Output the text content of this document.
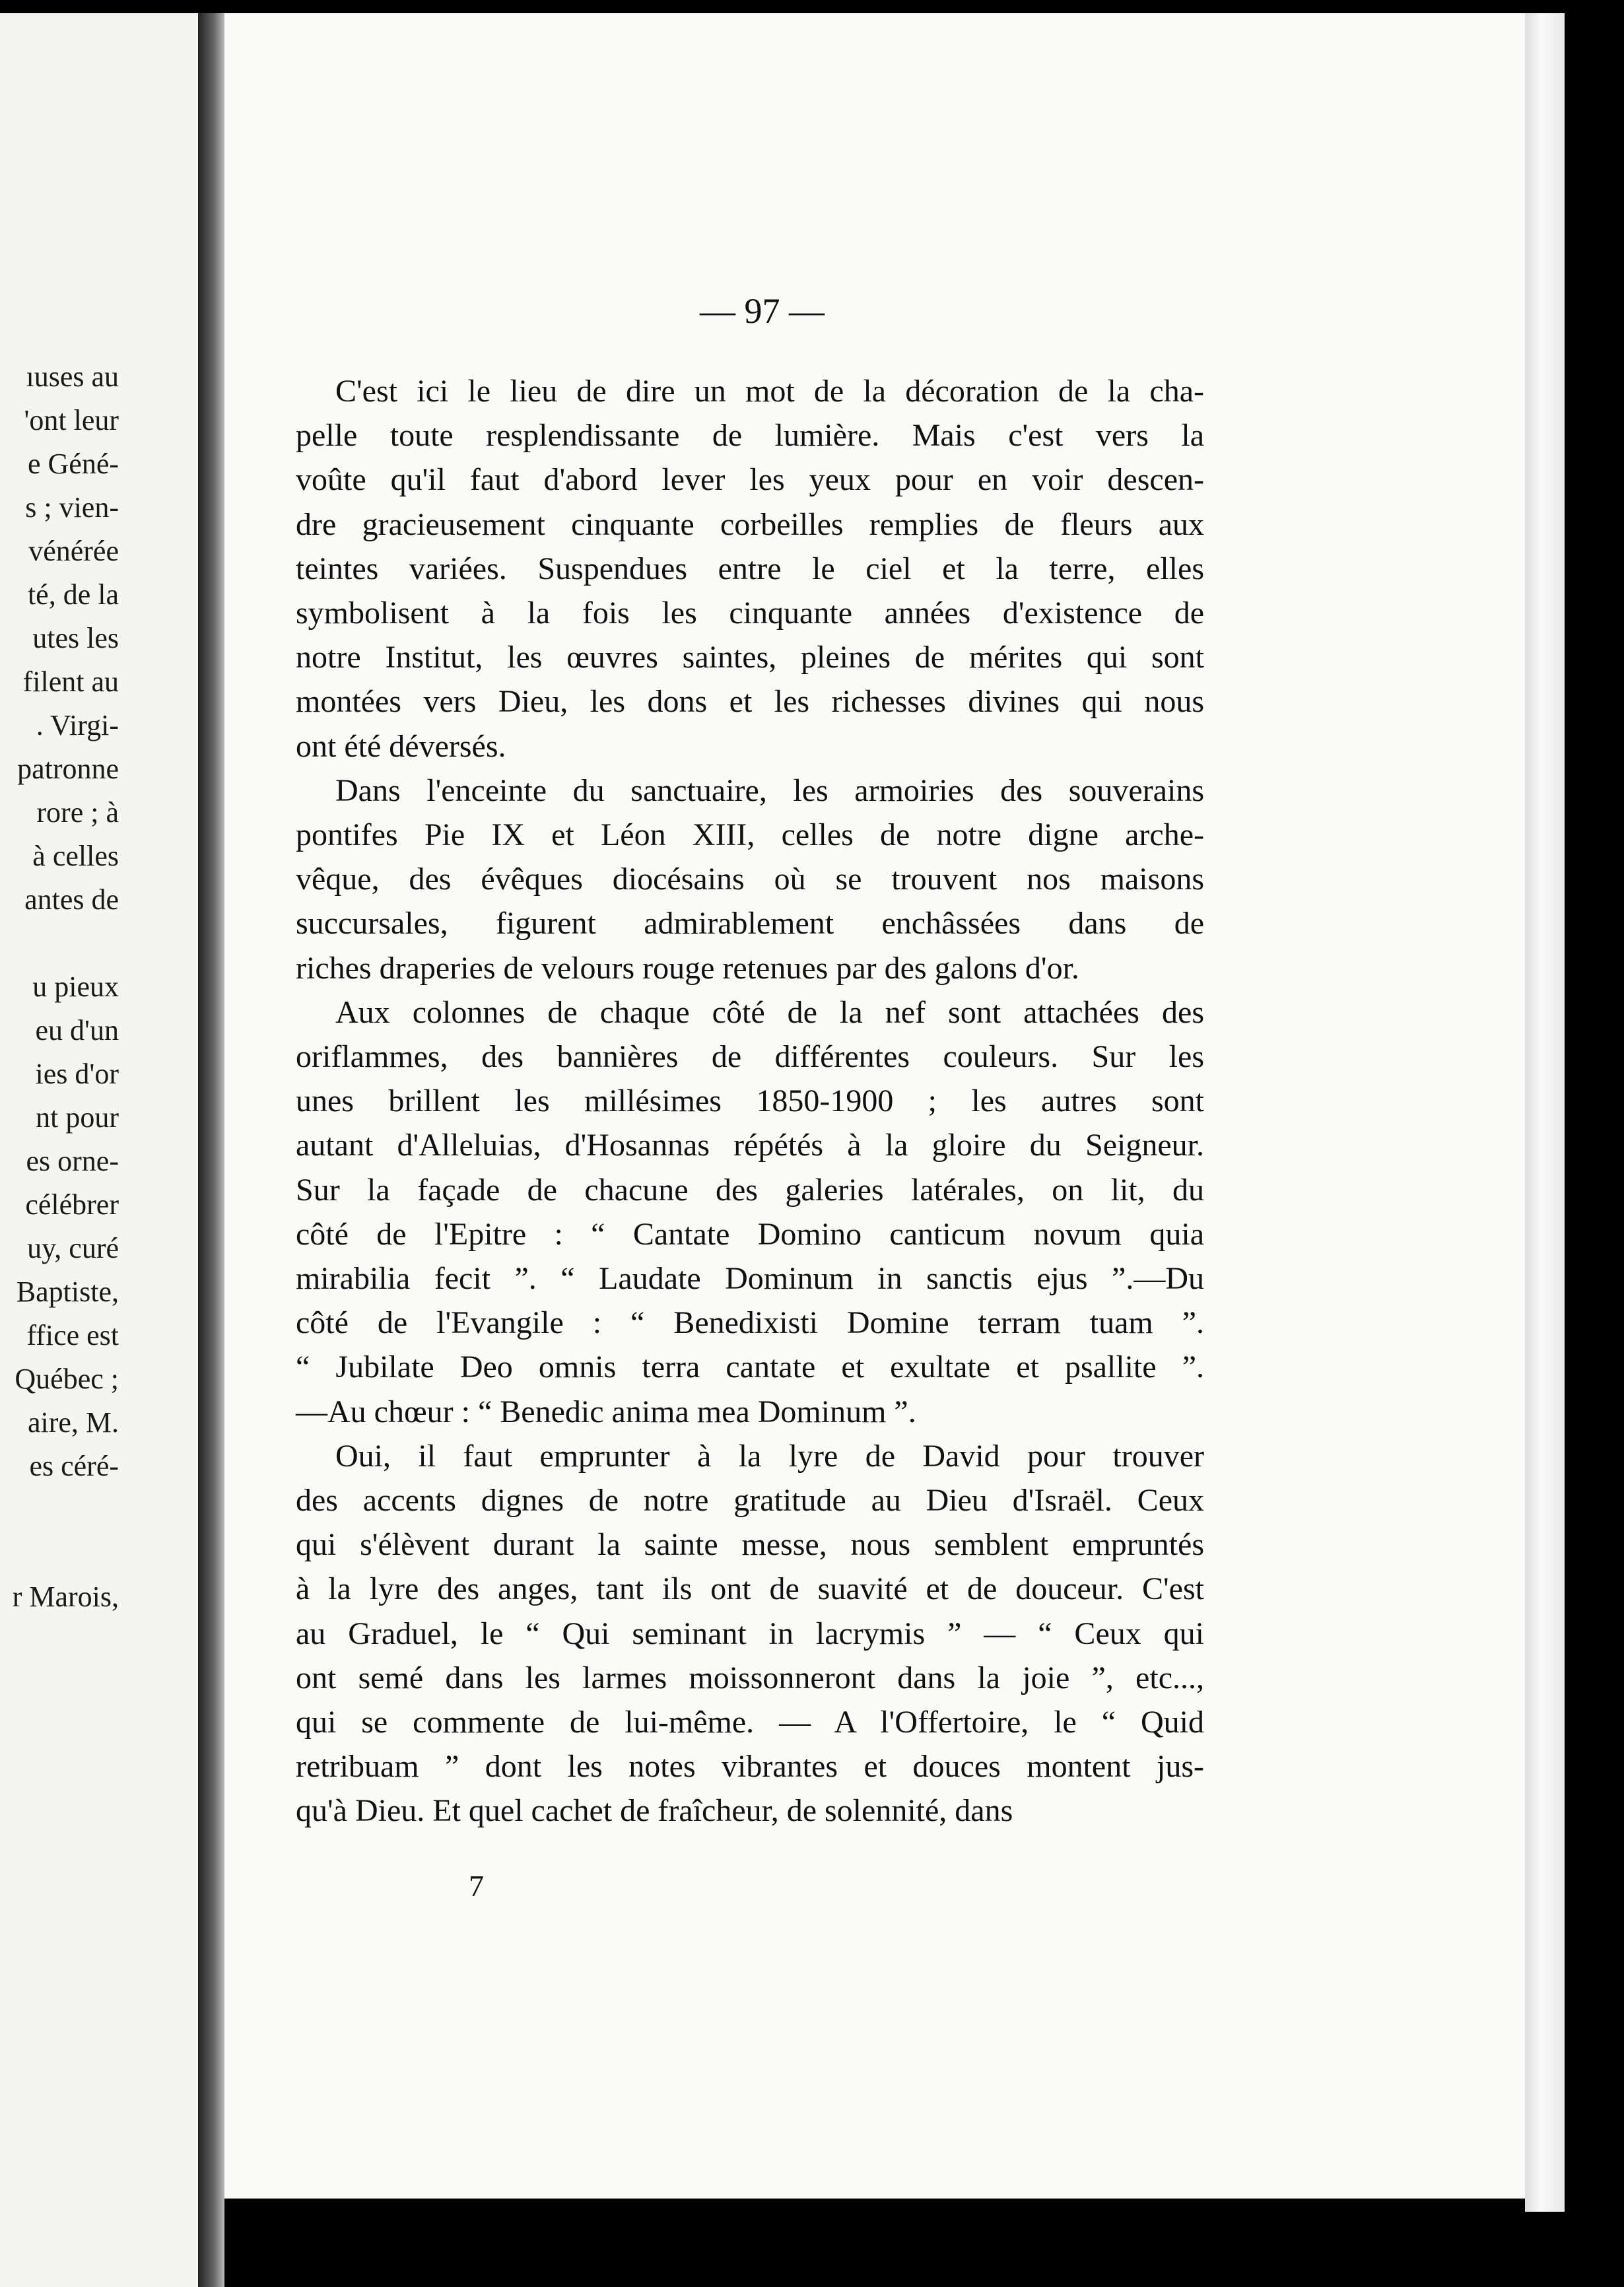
ıuses au
'ont leur
e Géné-
s ; vien-
vénérée
té, de la
utes les
filent au
. Virgi-
patronne
rore ; à
à celles
antes de
u pieux
eu d'un
ies d'or
nt pour
es orne-
célébrer
uy, curé
Baptiste,
ffice est
Québec ;
aire, M.
es céré-
r Marois,
— 97 —
C'est ici le lieu de dire un mot de la décoration de la cha-
pelle toute resplendissante de lumière. Mais c'est vers la
voûte qu'il faut d'abord lever les yeux pour en voir descen-
dre gracieusement cinquante corbeilles remplies de fleurs aux
teintes variées. Suspendues entre le ciel et la terre, elles
symbolisent à la fois les cinquante années d'existence de
notre Institut, les œuvres saintes, pleines de mérites qui sont
montées vers Dieu, les dons et les richesses divines qui nous
ont été déversés.
Dans l'enceinte du sanctuaire, les armoiries des souverains
pontifes Pie IX et Léon XIII, celles de notre digne arche-
vêque, des évêques diocésains où se trouvent nos maisons
succursales, figurent admirablement enchâssées dans de
riches draperies de velours rouge retenues par des galons d'or.
Aux colonnes de chaque côté de la nef sont attachées des
oriflammes, des bannières de différentes couleurs. Sur les
unes brillent les millésimes 1850-1900 ; les autres sont
autant d'Alleluias, d'Hosannas répétés à la gloire du Seigneur.
Sur la façade de chacune des galeries latérales, on lit, du
côté de l'Epitre : “ Cantate Domino canticum novum quia
mirabilia fecit ”. “ Laudate Dominum in sanctis ejus ”.—Du
côté de l'Evangile : “ Benedixisti Domine terram tuam ”.
“ Jubilate Deo omnis terra cantate et exultate et psallite ”.
—Au chœur : “ Benedic anima mea Dominum ”.
Oui, il faut emprunter à la lyre de David pour trouver
des accents dignes de notre gratitude au Dieu d'Israël. Ceux
qui s'élèvent durant la sainte messe, nous semblent empruntés
à la lyre des anges, tant ils ont de suavité et de douceur. C'est
au Graduel, le “ Qui seminant in lacrymis ” — “ Ceux qui
ont semé dans les larmes moissonneront dans la joie ”, etc...,
qui se commente de lui-même. — A l'Offertoire, le “ Quid
retribuam ” dont les notes vibrantes et douces montent jus-
qu'à Dieu. Et quel cachet de fraîcheur, de solennité, dans
7
